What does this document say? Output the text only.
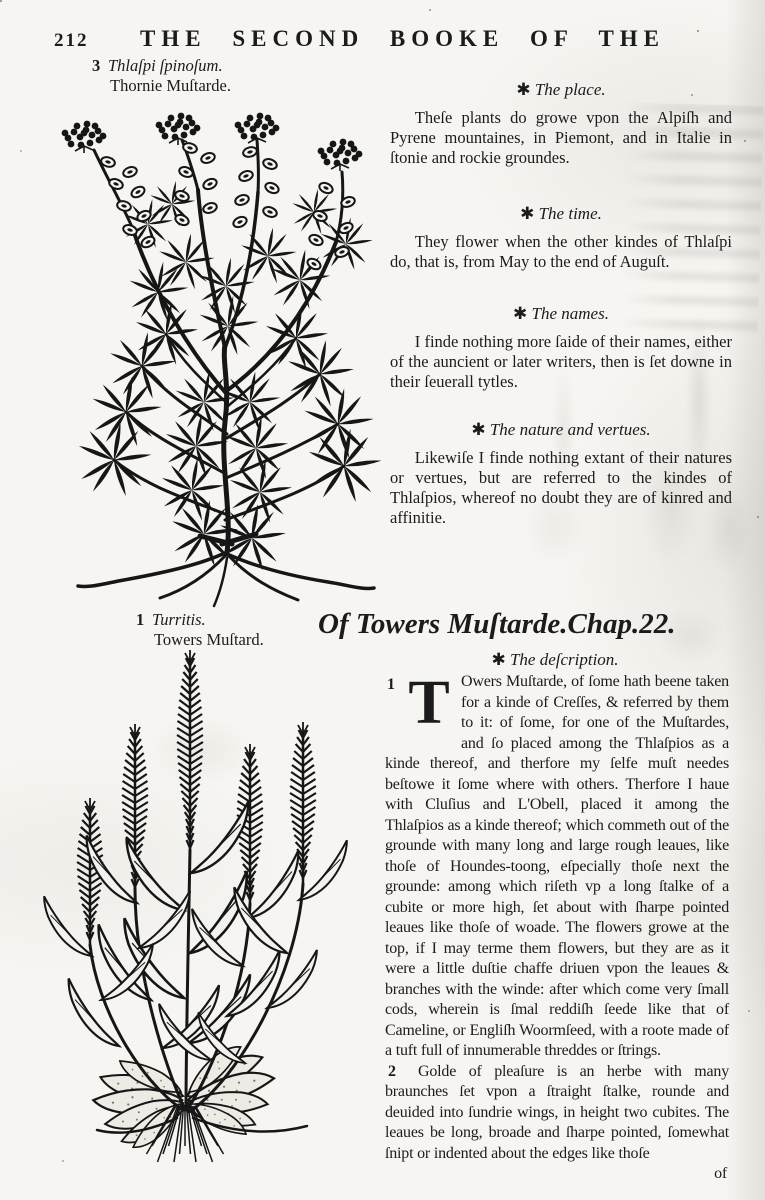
212 THE SECOND BOOKE OF THE
3 Thlaſpi ſpinoſum.
Thornie Muſtarde.	✱ The place.

Theſe plants do growe vpon the Alpiſh and Pyrene mountaines, in Piemont, and in Italie in ſtonie and rockie groundes.

✱ The time.

They flower when the other kindes of Thlaſpi do, that is, from May to the end of Auguſt.

✱ The names.

I finde nothing more ſaide of their names, either of the auncient or later writers, then is ſet downe in their ſeuerall tytles.

✱ The nature and vertues.

Likewiſe I finde nothing extant of their natures or vertues, but are referred to the kindes of Thlaſpios, whereof no doubt they are of kinred and affinitie.

1 Turritis.
Towers Muſtard. Of Towers Muſtarde. Chap.22.
✱ The deſcription.
1 T Owers Muſtarde, of ſome hath beene taken for a kinde of Creſſes, & referred by them to it: of ſome, for one of the Muſtardes, and ſo placed among the Thlaſpios as a kinde thereof, and therfore my ſelfe muſt needes beſtowe it ſome where with others. Therfore I haue with Cluſius and L'Obell, placed it among the Thlaſpios as a kinde thereof; which commeth out of the grounde with many long and large rough leaues, like thoſe of Houndes-toong, eſpecially thoſe next the grounde: among which riſeth vp a long ſtalke of a cubite or more high, ſet about with ſharpe pointed leaues like thoſe of woade. The flowers growe at the top, if I may terme them flowers, but they are as it were a little duſtie chaffe driuen vpon the leaues & branches with the winde: after which come very ſmall cods, wherein is ſmal reddiſh ſeede like that of Cameline, or Engliſh Woormſeed, with a roote made of a tuft full of innumerable threddes or ſtrings.

2 Golde of pleaſure is an herbe with many braunches ſet vpon a ſtraight ſtalke, rounde and deuided into ſundrie wings, in height two cubites. The leaues be long, broade and ſharpe pointed, ſomewhat ſnipt or indented about the edges like thoſe

of
